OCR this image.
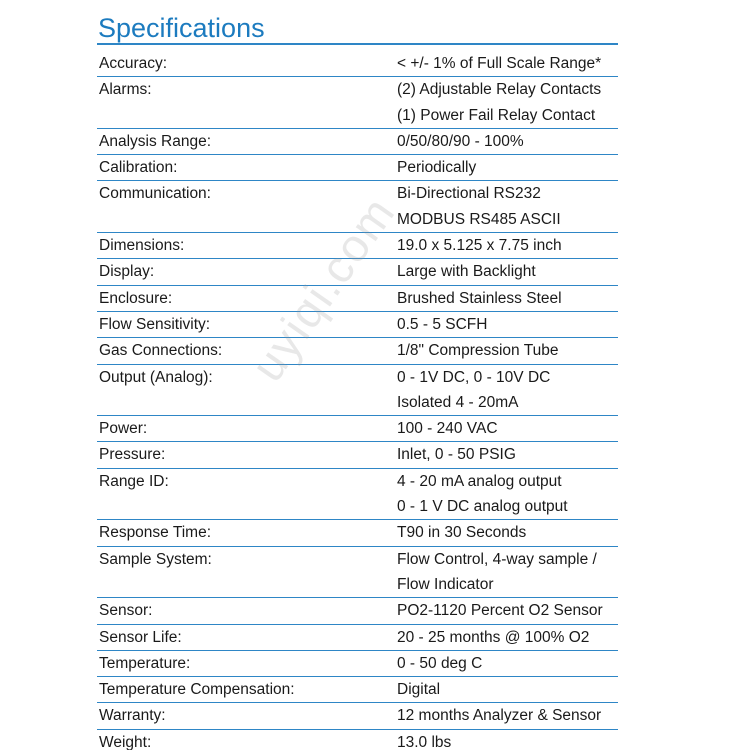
Specifications
Accuracy:	< +/- 1% of Full Scale Range*
Alarms:	(2) Adjustable Relay Contacts
(1) Power Fail Relay Contact
Analysis Range:	0/50/80/90 - 100%
Calibration:	Periodically
Communication:	Bi-Directional RS232
MODBUS RS485 ASCII
Dimensions:	19.0 x 5.125 x 7.75 inch
Display:	Large with Backlight
Enclosure:	Brushed Stainless Steel
Flow Sensitivity:	0.5 - 5 SCFH
Gas Connections:	1/8" Compression Tube
Output (Analog):	0 - 1V DC, 0 - 10V DC
Isolated 4 - 20mA
Power:	100 - 240 VAC
Pressure:	Inlet, 0 - 50 PSIG
Range ID:	4 - 20 mA analog output
0 - 1 V DC analog output
Response Time:	T90 in 30 Seconds
Sample System:	Flow Control, 4-way sample /
Flow Indicator
Sensor:	PO2-1120 Percent O2 Sensor
Sensor Life:	20 - 25 months @ 100% O2
Temperature:	0 - 50 deg C
Temperature Compensation:	Digital
Warranty:	12 months Analyzer & Sensor
Weight:	13.0 lbs
uyiqi.com
